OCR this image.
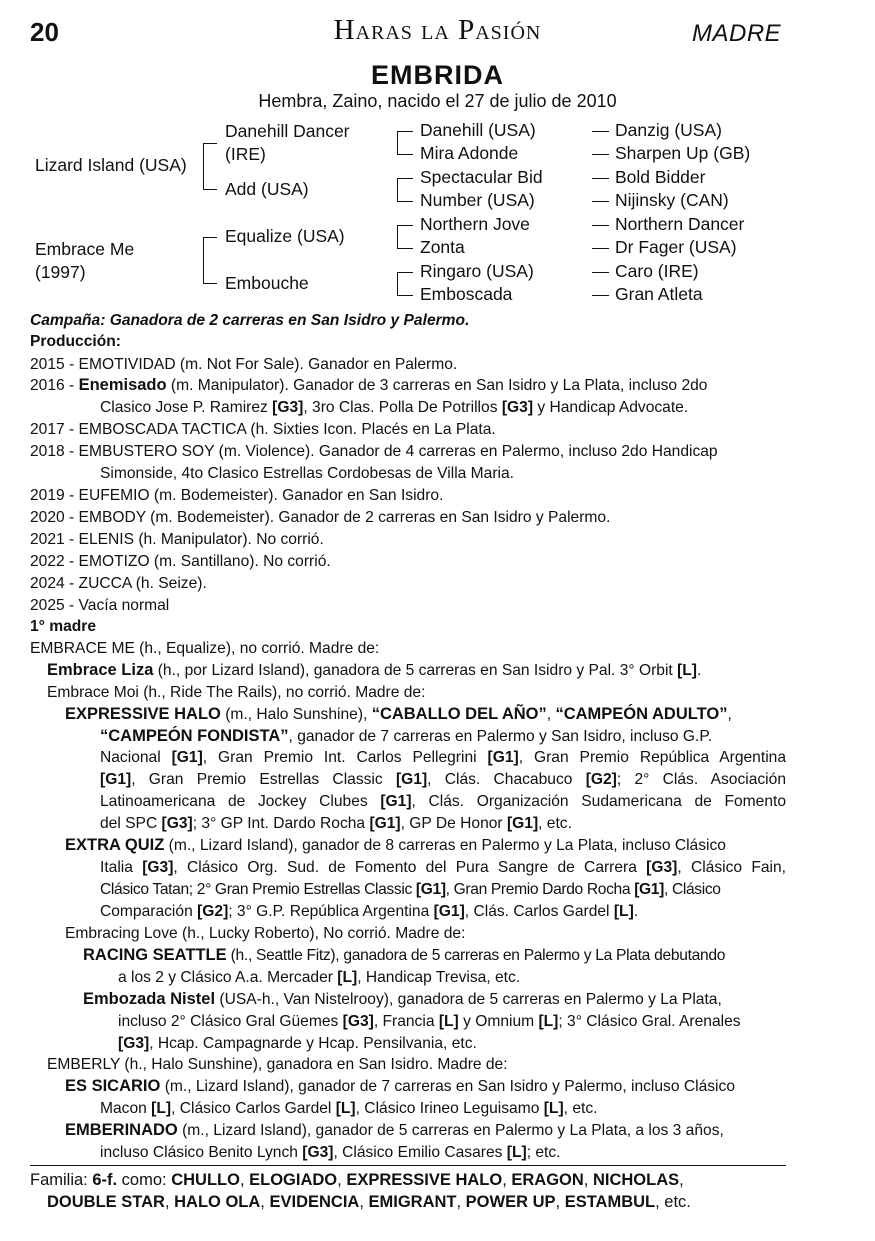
20	Haras la Pasión	MADRE
EMBRIDA
Hembra, Zaino, nacido el 27 de julio de 2010
Lizard Island (USA)
Embrace Me
(1997)
Danehill Dancer
(IRE)
Add (USA)
Equalize (USA)
Embouche
Danehill (USA)
Mira Adonde
Spectacular Bid
Number (USA)
Northern Jove
Zonta
Ringaro (USA)
Emboscada
Danzig (USA)
Sharpen Up (GB)
Bold Bidder
Nijinsky (CAN)
Northern Dancer
Dr Fager (USA)
Caro (IRE)
Gran Atleta
Campaña: Ganadora de 2 carreras en San Isidro y Palermo.
Producción:
2015 - EMOTIVIDAD (m. Not For Sale). Ganador en Palermo.
2016 - Enemisado (m. Manipulator). Ganador de 3 carreras en San Isidro y La Plata, incluso 2do
Clasico Jose P. Ramirez [G3], 3ro Clas. Polla De Potrillos [G3] y Handicap Advocate.
2017 - EMBOSCADA TACTICA (h. Sixties Icon. Placés en La Plata.
2018 - EMBUSTERO SOY (m. Violence). Ganador de 4 carreras en Palermo, incluso 2do Handicap
Simonside, 4to Clasico Estrellas Cordobesas de Villa Maria.
2019 - EUFEMIO (m. Bodemeister). Ganador en San Isidro.
2020 - EMBODY (m. Bodemeister). Ganador de 2 carreras en San Isidro y Palermo.
2021 - ELENIS (h. Manipulator). No corrió.
2022 - EMOTIZO (m. Santillano). No corrió.
2024 - ZUCCA (h. Seize).
2025 - Vacía normal
1° madre
EMBRACE ME (h., Equalize), no corrió. Madre de:
Embrace Liza (h., por Lizard Island), ganadora de 5 carreras en San Isidro y Pal. 3° Orbit [L].
Embrace Moi (h., Ride The Rails), no corrió. Madre de:
EXPRESSIVE HALO (m., Halo Sunshine), “CABALLO DEL AÑO”, “CAMPEÓN ADULTO”,
“CAMPEÓN FONDISTA”, ganador de 7 carreras en Palermo y San Isidro, incluso G.P.
Nacional [G1], Gran Premio Int. Carlos Pellegrini [G1], Gran Premio República Argentina
[G1], Gran Premio Estrellas Classic [G1], Clás. Chacabuco [G2]; 2° Clás. Asociación
Latinoamericana de Jockey Clubes [G1], Clás. Organización Sudamericana de Fomento
del SPC [G3]; 3° GP Int. Dardo Rocha [G1], GP De Honor [G1], etc.
EXTRA QUIZ (m., Lizard Island), ganador de 8 carreras en Palermo y La Plata, incluso Clásico
Italia [G3], Clásico Org. Sud. de Fomento del Pura Sangre de Carrera [G3], Clásico Fain,
Clásico Tatan; 2° Gran Premio Estrellas Classic [G1], Gran Premio Dardo Rocha [G1], Clásico
Comparación [G2]; 3° G.P. República Argentina [G1], Clás. Carlos Gardel [L].
Embracing Love (h., Lucky Roberto), No corrió. Madre de:
RACING SEATTLE (h., Seattle Fitz), ganadora de 5 carreras en Palermo y La Plata debutando
a los 2 y Clásico A.a. Mercader [L], Handicap Trevisa, etc.
Embozada Nistel (USA-h., Van Nistelrooy), ganadora de 5 carreras en Palermo y La Plata,
incluso 2° Clásico Gral Güemes [G3], Francia [L] y Omnium [L]; 3° Clásico Gral. Arenales
[G3], Hcap. Campagnarde y Hcap. Pensilvania, etc.
EMBERLY (h., Halo Sunshine), ganadora en San Isidro. Madre de:
ES SICARIO (m., Lizard Island), ganador de 7 carreras en San Isidro y Palermo, incluso Clásico
Macon [L], Clásico Carlos Gardel [L], Clásico Irineo Leguisamo [L], etc.
EMBERINADO (m., Lizard Island), ganador de 5 carreras en Palermo y La Plata, a los 3 años,
incluso Clásico Benito Lynch [G3], Clásico Emilio Casares [L]; etc.
Familia: 6-f. como: CHULLO, ELOGIADO, EXPRESSIVE HALO, ERAGON, NICHOLAS,
DOUBLE STAR, HALO OLA, EVIDENCIA, EMIGRANT, POWER UP, ESTAMBUL, etc.
